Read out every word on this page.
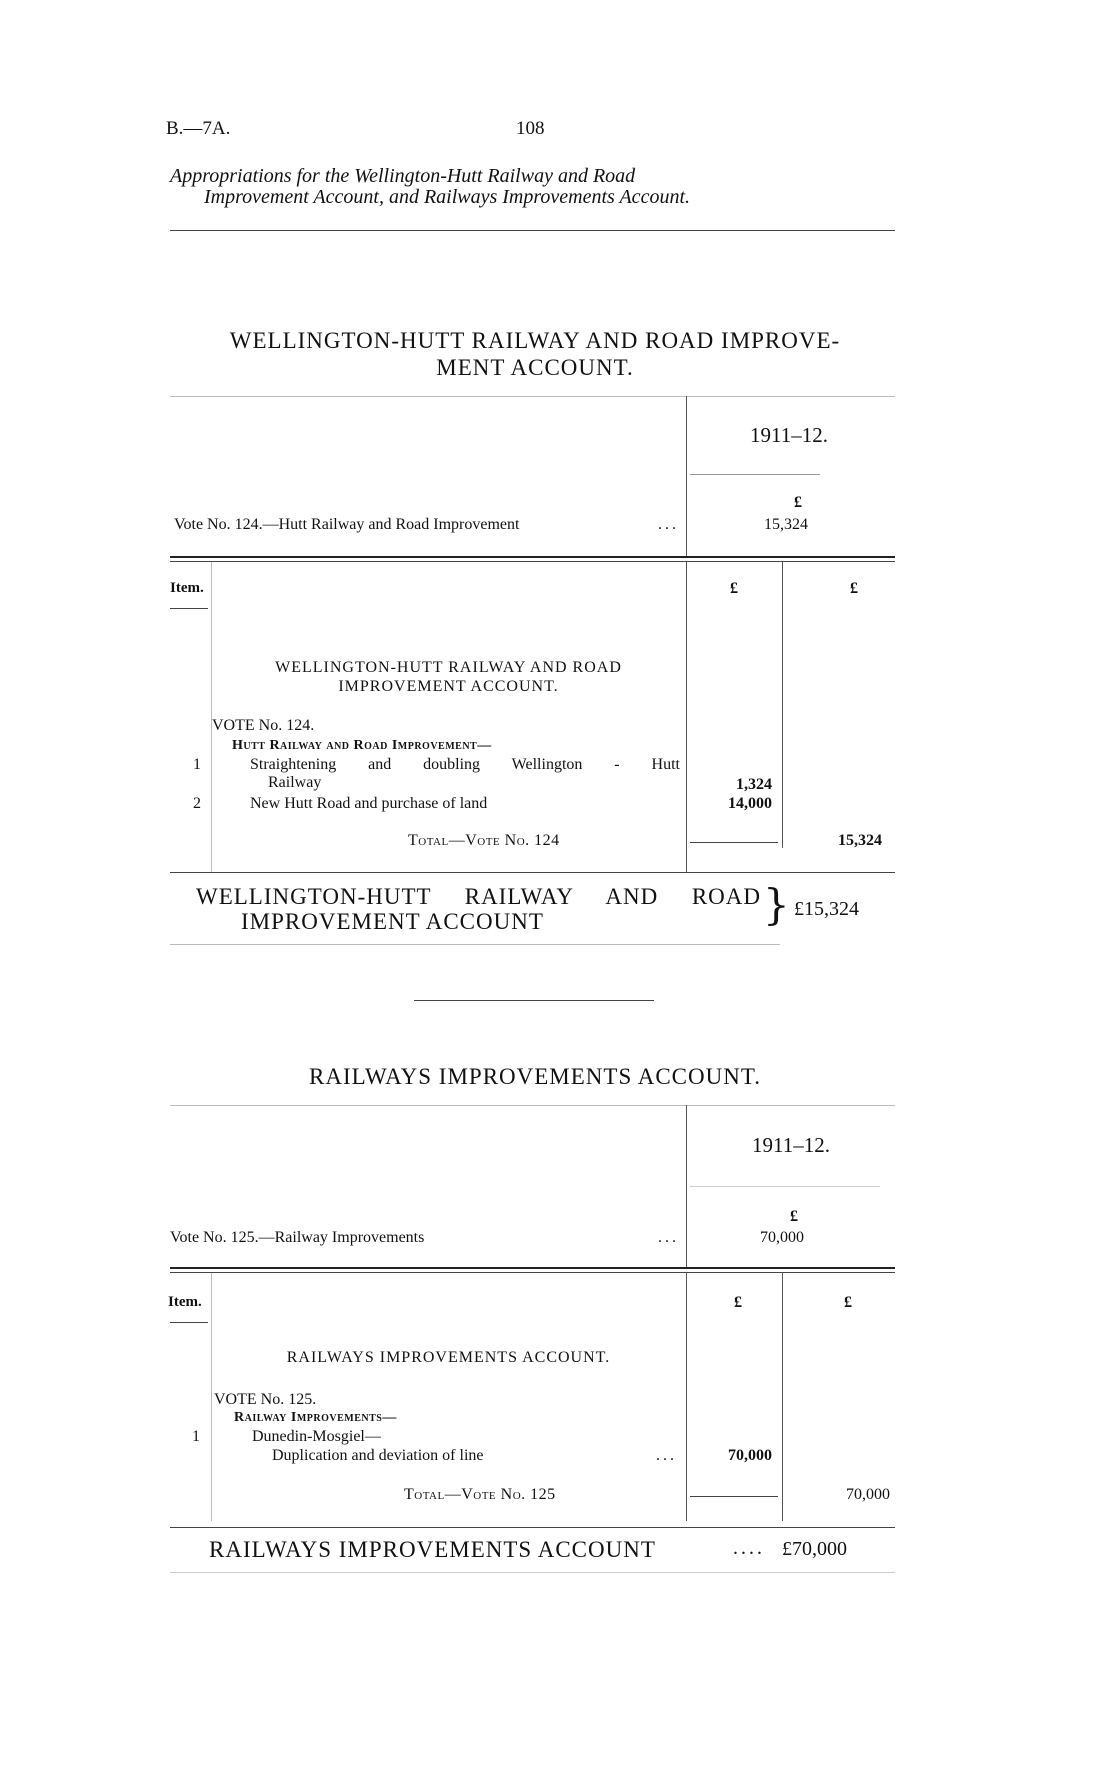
B.—7A.	108
Appropriations for the Wellington-Hutt Railway and Road
Improvement Account, and Railways Improvements Account.
WELLINGTON-HUTT RAILWAY AND ROAD IMPROVE-
MENT ACCOUNT.
1911–12.
£
Vote No. 124.—Hutt Railway and Road Improvement	...	15,324
Item.	£	£
WELLINGTON-HUTT RAILWAY AND ROAD
IMPROVEMENT ACCOUNT.
VOTE No. 124.
Hutt Railway and Road Improvement—
1	Straightening and doubling Wellington - Hutt
Railway	1,324
2	New Hutt Road and purchase of land	14,000
Total—Vote No. 124	15,324
WELLINGTON-HUTT RAILWAY AND ROAD
IMPROVEMENT ACCOUNT	} £15,324
RAILWAYS IMPROVEMENTS ACCOUNT.
1911–12.
£
Vote No. 125.—Railway Improvements	...	70,000
Item.	£	£
RAILWAYS IMPROVEMENTS ACCOUNT.
VOTE No. 125.
Railway Improvements—
1	Dunedin-Mosgiel—
Duplication and deviation of line	...	70,000
Total—Vote No. 125	70,000
RAILWAYS IMPROVEMENTS ACCOUNT	.... £70,000
